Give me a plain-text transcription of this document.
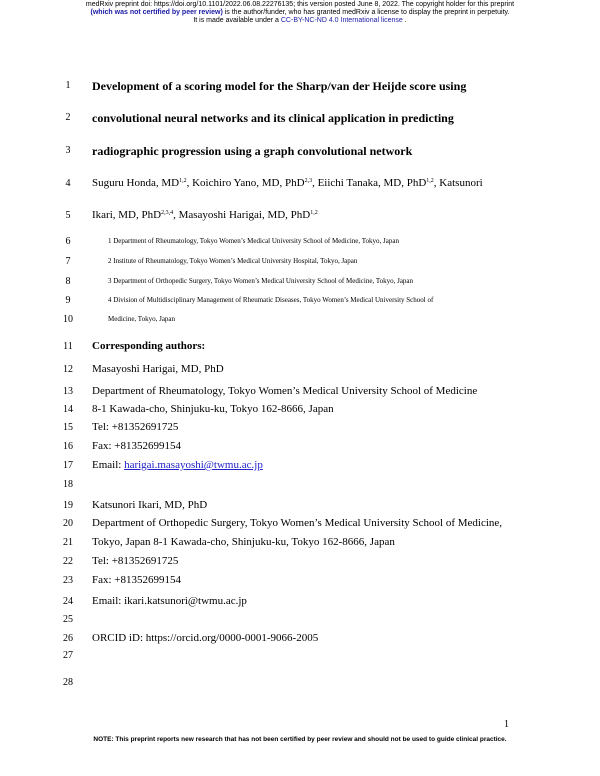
medRxiv preprint doi: https://doi.org/10.1101/2022.06.08.22276135; this version posted June 8, 2022. The copyright holder for this preprint
(which was not certified by peer review) is the author/funder, who has granted medRxiv a license to display the preprint in perpetuity.
It is made available under a CC-BY-NC-ND 4.0 International license .
1
2
3
4
5
6
7
8
9
10
11
12
13
14
15
16
17
18
19
20
21
22
23
24
25
26
27
28
Development of a scoring model for the Sharp/van der Heijde score using
convolutional neural networks and its clinical application in predicting
radiographic progression using a graph convolutional network
Suguru Honda, MD$^{1,2}$, Koichiro Yano, MD, PhD$^{2,3}$, Eiichi Tanaka, MD, PhD$^{1,2}$, Katsunori
Ikari, MD, PhD$^{2,3,4}$, Masayoshi Harigai, MD, PhD$^{1,2}$
1 Department of Rheumatology, Tokyo Women’s Medical University School of Medicine, Tokyo, Japan
2 Institute of Rheumatology, Tokyo Women’s Medical University Hospital, Tokyo, Japan
3 Department of Orthopedic Surgery, Tokyo Women’s Medical University School of Medicine, Tokyo, Japan
4 Division of Multidisciplinary Management of Rheumatic Diseases, Tokyo Women’s Medical University School of
Medicine, Tokyo, Japan
Corresponding authors:
Masayoshi Harigai, MD, PhD
Department of Rheumatology, Tokyo Women’s Medical University School of Medicine
8-1 Kawada-cho, Shinjuku-ku, Tokyo 162-8666, Japan
Tel: +81352691725
Fax: +81352699154
Email: harigai.masayoshi@twmu.ac.jp
Katsunori Ikari, MD, PhD
Department of Orthopedic Surgery, Tokyo Women’s Medical University School of Medicine,
Tokyo, Japan 8-1 Kawada-cho, Shinjuku-ku, Tokyo 162-8666, Japan
Tel: +81352691725
Fax: +81352699154
Email: ikari.katsunori@twmu.ac.jp
ORCID iD: https://orcid.org/0000-0001-9066-2005
1
NOTE: This preprint reports new research that has not been certified by peer review and should not be used to guide clinical practice.
